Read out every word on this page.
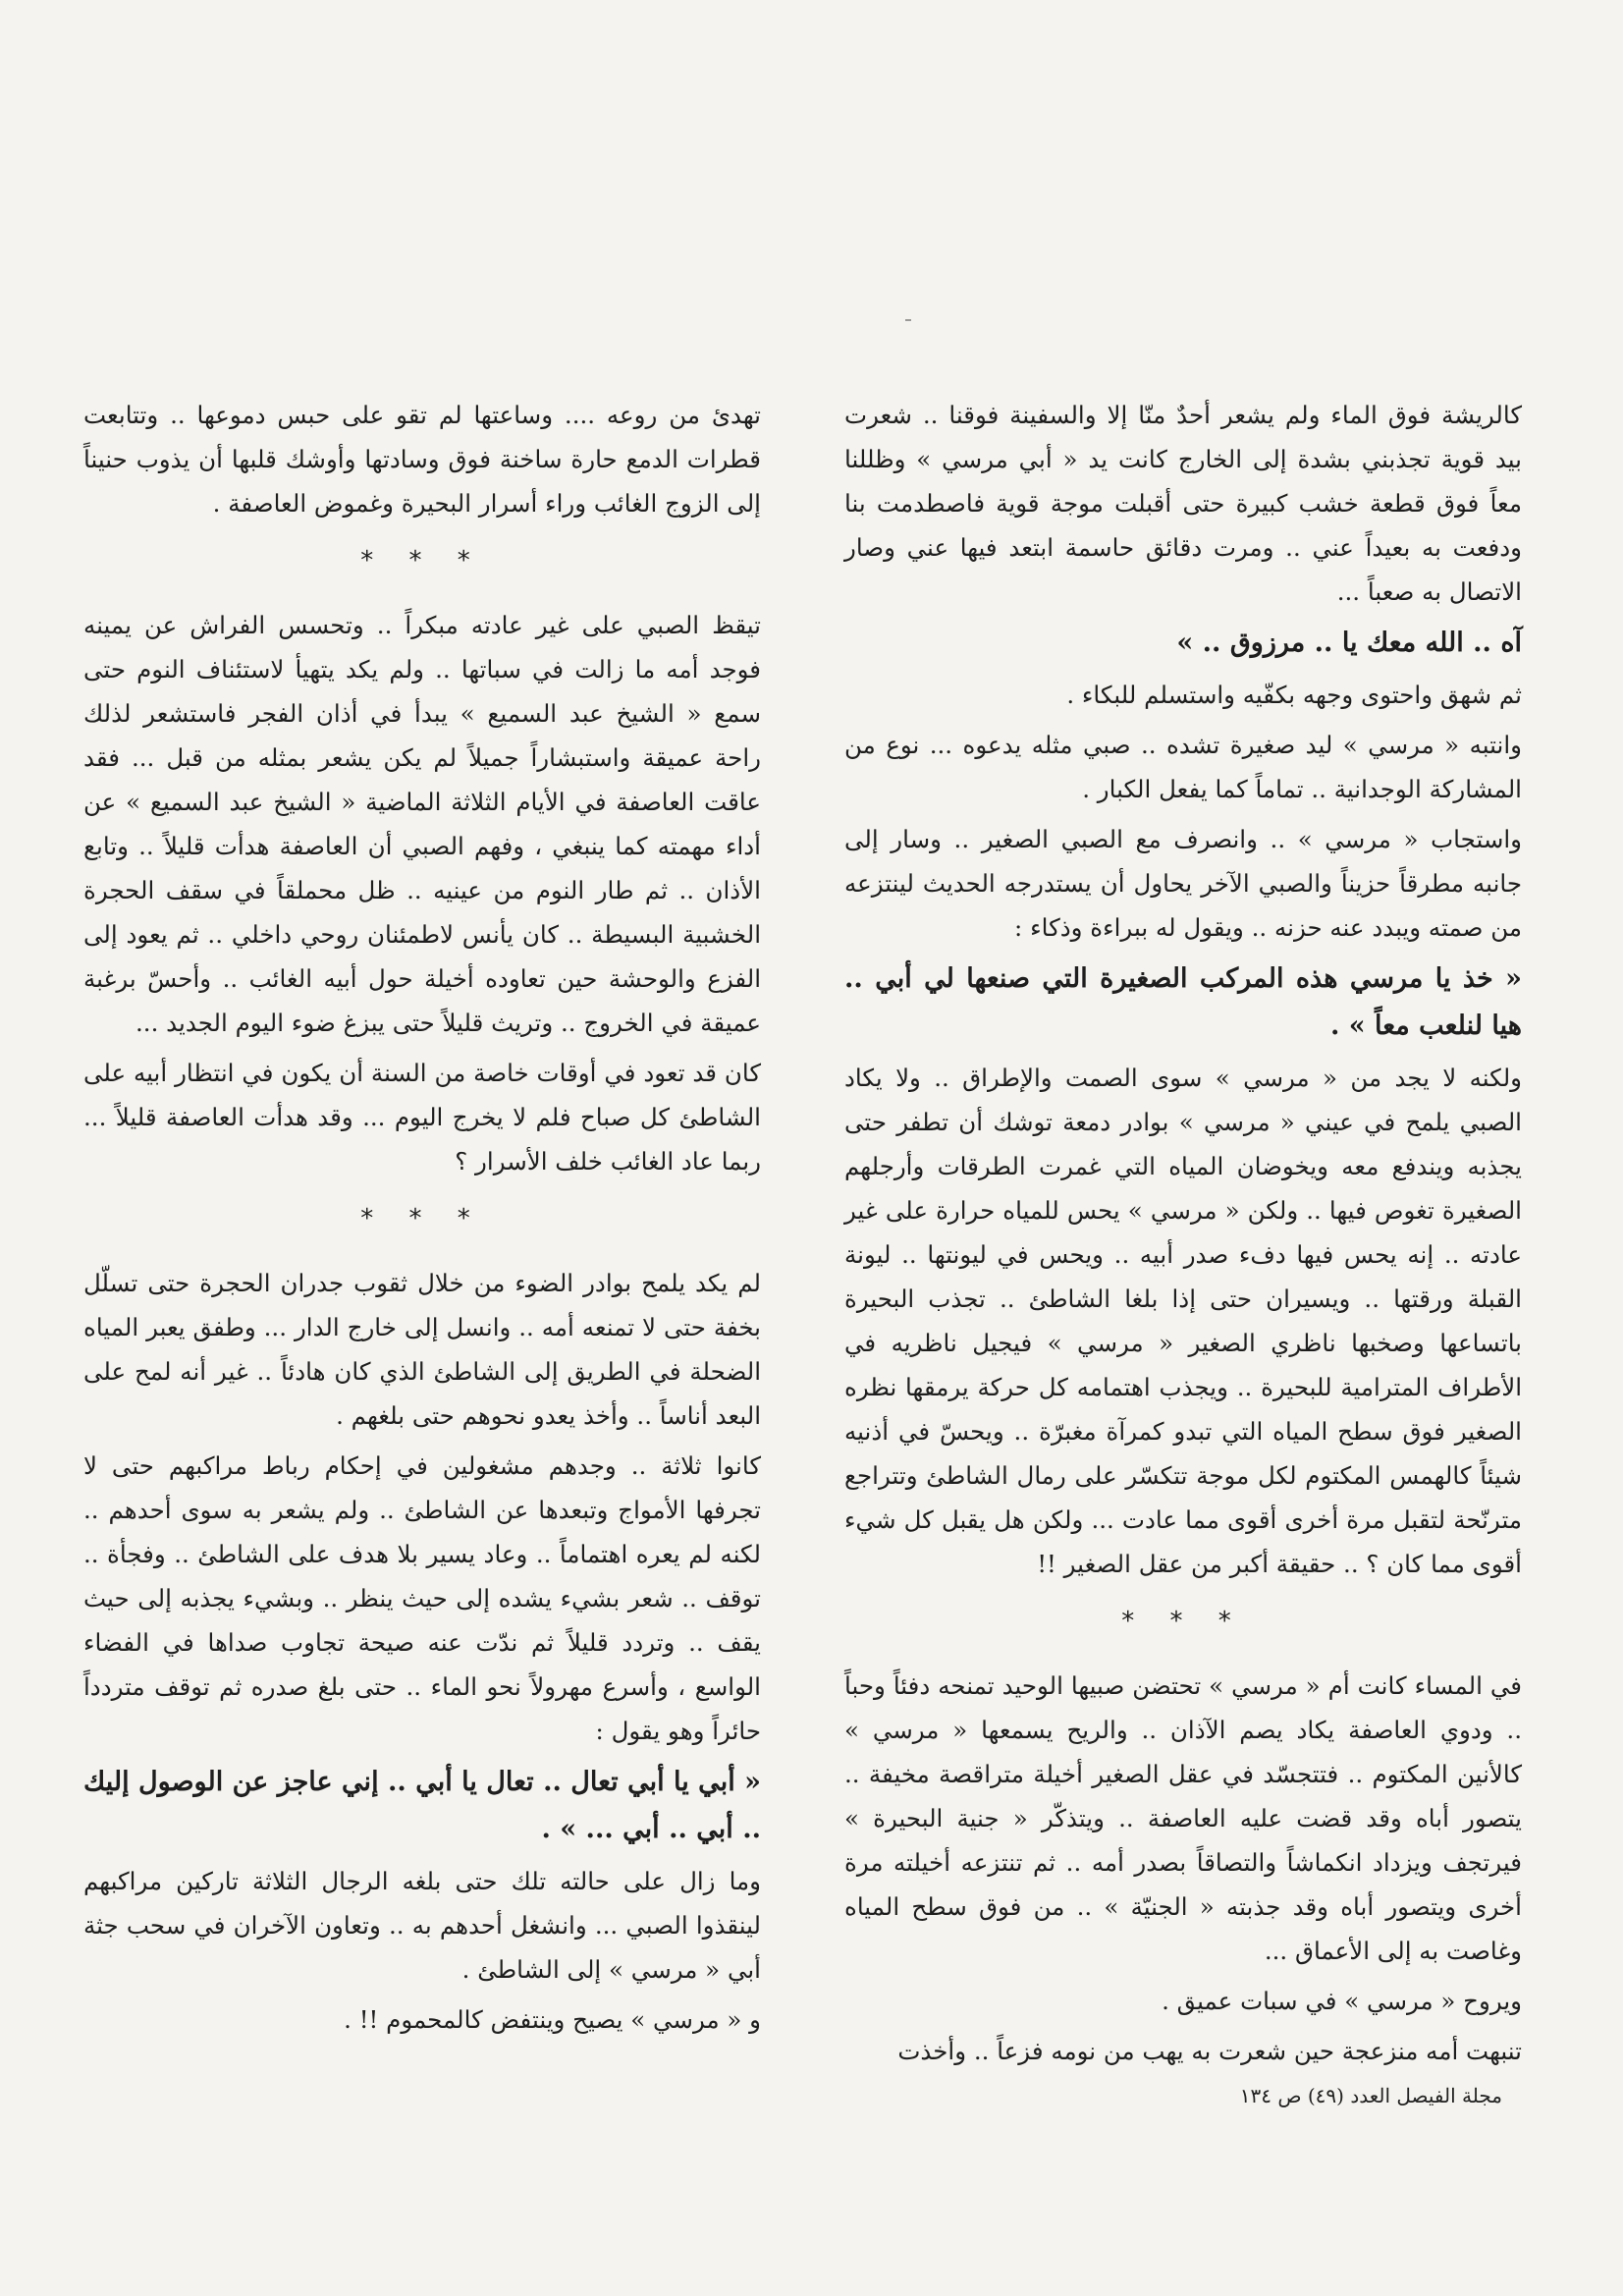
كالريشة فوق الماء ولم يشعر أحدٌ منّا إلا والسفينة فوقنا .. شعرت بيد قوية تجذبني بشدة إلى الخارج كانت يد « أبي مرسي » وظللنا معاً فوق قطعة خشب كبيرة حتى أقبلت موجة قوية فاصطدمت بنا ودفعت به بعيداً عني .. ومرت دقائق حاسمة ابتعد فيها عني وصار الاتصال به صعباً ...

آه .. الله معك يا .. مرزوق .. »

ثم شهق واحتوى وجهه بكفّيه واستسلم للبكاء .

وانتبه « مرسي » ليد صغيرة تشده .. صبي مثله يدعوه ... نوع من المشاركة الوجدانية .. تماماً كما يفعل الكبار .

واستجاب « مرسي » .. وانصرف مع الصبي الصغير .. وسار إلى جانبه مطرقاً حزيناً والصبي الآخر يحاول أن يستدرجه الحديث لينتزعه من صمته ويبدد عنه حزنه .. ويقول له ببراءة وذكاء :

« خذ يا مرسي هذه المركب الصغيرة التي صنعها لي أبي .. هيا لنلعب معاً » .

ولكنه لا يجد من « مرسي » سوى الصمت والإطراق .. ولا يكاد الصبي يلمح في عيني « مرسي » بوادر دمعة توشك أن تطفر حتى يجذبه ويندفع معه ويخوضان المياه التي غمرت الطرقات وأرجلهم الصغيرة تغوص فيها .. ولكن « مرسي » يحس للمياه حرارة على غير عادته .. إنه يحس فيها دفء صدر أبيه .. ويحس في ليونتها .. ليونة القبلة ورقتها .. ويسيران حتى إذا بلغا الشاطئ .. تجذب البحيرة باتساعها وصخبها ناظري الصغير « مرسي » فيجيل ناظريه في الأطراف المترامية للبحيرة .. ويجذب اهتمامه كل حركة يرمقها نظره الصغير فوق سطح المياه التي تبدو كمرآة مغبرّة .. ويحسّ في أذنيه شيئاً كالهمس المكتوم لكل موجة تتكسّر على رمال الشاطئ وتتراجع مترنّحة لتقبل مرة أخرى أقوى مما عادت ... ولكن هل يقبل كل شيء أقوى مما كان ؟ .. حقيقة أكبر من عقل الصغير !!

* * *

في المساء كانت أم « مرسي » تحتضن صبيها الوحيد تمنحه دفئاً وحباً .. ودوي العاصفة يكاد يصم الآذان .. والريح يسمعها « مرسي » كالأنين المكتوم .. فتتجسّد في عقل الصغير أخيلة متراقصة مخيفة .. يتصور أباه وقد قضت عليه العاصفة .. ويتذكّر « جنية البحيرة » فيرتجف ويزداد انكماشاً والتصاقاً بصدر أمه .. ثم تنتزعه أخيلته مرة أخرى ويتصور أباه وقد جذبته « الجنيّة » .. من فوق سطح المياه وغاصت به إلى الأعماق ...

ويروح « مرسي » في سبات عميق .

تنبهت أمه منزعجة حين شعرت به يهب من نومه فزعاً .. وأخذت

تهدئ من روعه .... وساعتها لم تقو على حبس دموعها .. وتتابعت قطرات الدمع حارة ساخنة فوق وسادتها وأوشك قلبها أن يذوب حنيناً إلى الزوج الغائب وراء أسرار البحيرة وغموض العاصفة .

* * *

تيقظ الصبي على غير عادته مبكراً .. وتحسس الفراش عن يمينه فوجد أمه ما زالت في سباتها .. ولم يكد يتهيأ لاستئناف النوم حتى سمع « الشيخ عبد السميع » يبدأ في أذان الفجر فاستشعر لذلك راحة عميقة واستبشاراً جميلاً لم يكن يشعر بمثله من قبل ... فقد عاقت العاصفة في الأيام الثلاثة الماضية « الشيخ عبد السميع » عن أداء مهمته كما ينبغي ، وفهم الصبي أن العاصفة هدأت قليلاً .. وتابع الأذان .. ثم طار النوم من عينيه .. ظل محملقاً في سقف الحجرة الخشبية البسيطة .. كان يأنس لاطمئنان روحي داخلي .. ثم يعود إلى الفزع والوحشة حين تعاوده أخيلة حول أبيه الغائب .. وأحسّ برغبة عميقة في الخروج .. وتريث قليلاً حتى يبزغ ضوء اليوم الجديد ...

كان قد تعود في أوقات خاصة من السنة أن يكون في انتظار أبيه على الشاطئ كل صباح فلم لا يخرج اليوم ... وقد هدأت العاصفة قليلاً ... ربما عاد الغائب خلف الأسرار ؟

* * *

لم يكد يلمح بوادر الضوء من خلال ثقوب جدران الحجرة حتى تسلّل بخفة حتى لا تمنعه أمه .. وانسل إلى خارج الدار ... وطفق يعبر المياه الضحلة في الطريق إلى الشاطئ الذي كان هادئاً .. غير أنه لمح على البعد أناساً .. وأخذ يعدو نحوهم حتى بلغهم .

كانوا ثلاثة .. وجدهم مشغولين في إحكام رباط مراكبهم حتى لا تجرفها الأمواج وتبعدها عن الشاطئ .. ولم يشعر به سوى أحدهم .. لكنه لم يعره اهتماماً .. وعاد يسير بلا هدف على الشاطئ .. وفجأة .. توقف .. شعر بشيء يشده إلى حيث ينظر .. وبشيء يجذبه إلى حيث يقف .. وتردد قليلاً ثم ندّت عنه صيحة تجاوب صداها في الفضاء الواسع ، وأسرع مهرولاً نحو الماء .. حتى بلغ صدره ثم توقف متردداً حائراً وهو يقول :

« أبي يا أبي تعال .. تعال يا أبي .. إني عاجز عن الوصول إليك .. أبي .. أبي ... » .

وما زال على حالته تلك حتى بلغه الرجال الثلاثة تاركين مراكبهم لينقذوا الصبي ... وانشغل أحدهم به .. وتعاون الآخران في سحب جثة أبي « مرسي » إلى الشاطئ .

و « مرسي » يصيح وينتفض كالمحموم !! .

مجلة الفيصل العدد (٤٩) ص ١٣٤
